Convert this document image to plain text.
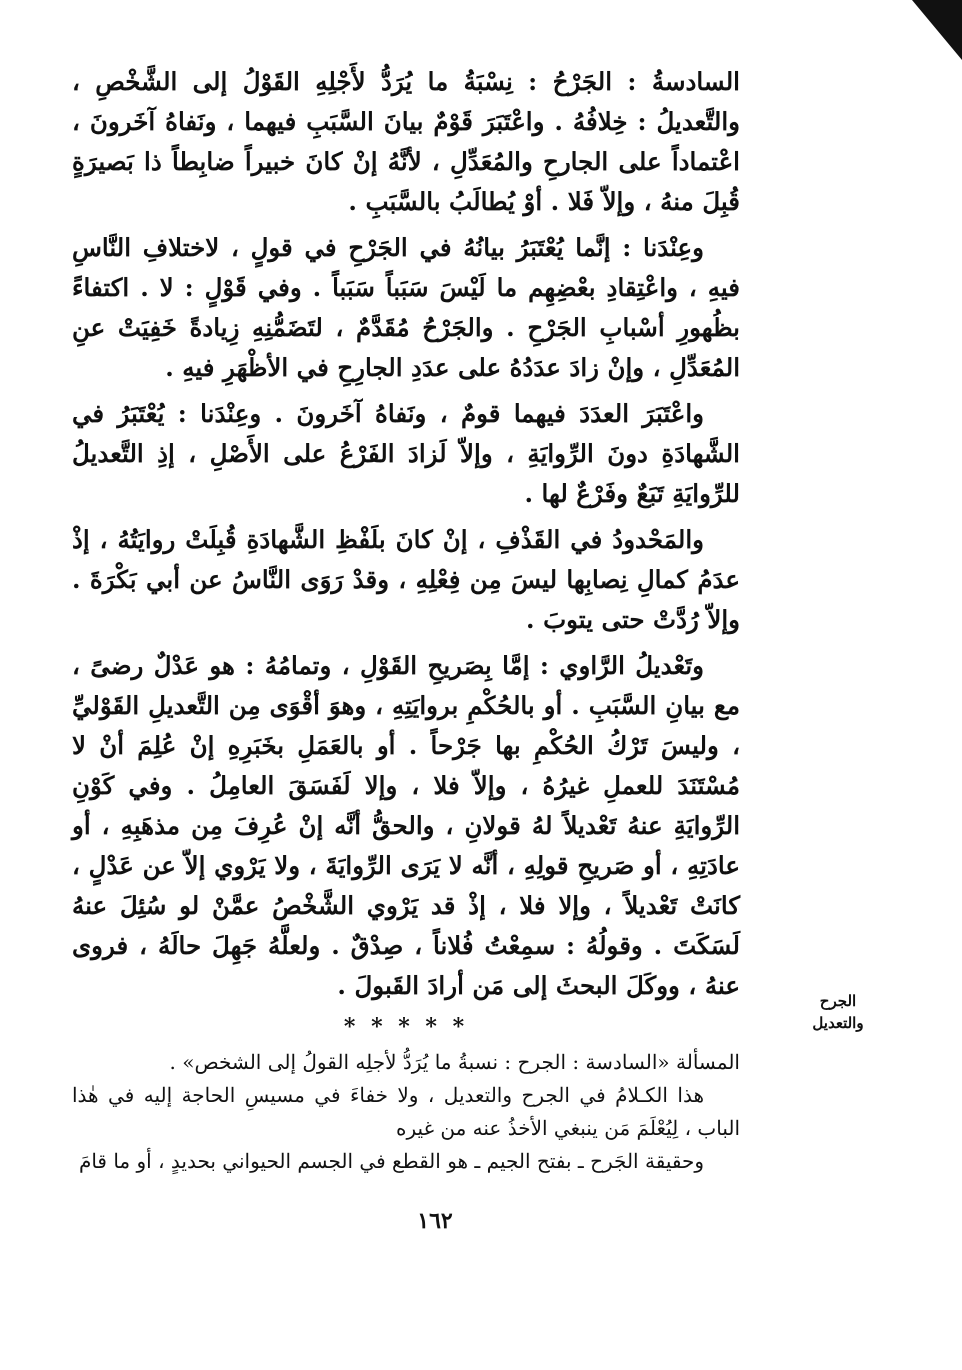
السادسةُ : الجَرْحُ : نِسْبَةُ ما يُرَدُّ لأَجْلِهِ القَوْلُ إلى الشَّخْصِ ، والتَّعديلُ : خِلافُهُ . واعْتَبَرَ قَوْمٌ بيانَ السَّبَبِ فيهما ، ونَفاهُ آخَرونَ ، اعْتماداً على الجارحِ والمُعَدِّلِ ، لأنَّهُ إنْ كانَ خبيراً ضابِطاً ذا بَصيرَةٍ قُبِلَ منهُ ، وإلاّ فَلا . أوْ يُطالَبُ بالسَّبَبِ .

وعِنْدَنا : إنَّما يُعْتَبَرُ بيانُهُ في الجَرْحِ في قولٍ ، لاختلافِ النَّاسِ فيهِ ، واعْتِقادِ بعْضِهِم ما لَيْسَ سَبَباً سَبَباً . وفي قَوْلٍ : لا . اكتفاءً بظُهورِ أسْبابِ الجَرْحِ . والجَرْحُ مُقَدَّمٌ ، لتَضَمُّنِهِ زِيادةً خَفِيَتْ عنِ المُعَدِّلِ ، وإنْ زادَ عدَدُهُ على عدَدِ الجارِحِ في الأظْهَرِ فيهِ .

واعْتَبَرَ العدَدَ فيهما قومٌ ، ونَفاهُ آخَرونَ . وعِنْدَنا : يُعْتَبَرُ في الشَّهادَةِ دونَ الرِّوايَةِ ، وإلاّ لَزادَ الفَرْعُ على الأَصْلِ ، إذِ التَّعديلُ للرِّوايَةِ تَبَعٌ وفَرْعٌ لها .

والمَحْدودُ في القَذْفِ ، إنْ كانَ بلَفْظِ الشَّهادَةِ قُبِلَتْ روايَتُهُ ، إذْ عدَمُ كمالِ نِصابِها ليسَ مِن فِعْلِهِ ، وقدْ رَوَى النَّاسُ عن أبي بَكْرَةَ . وإلاّ رُدَّتْ حتى يتوبَ .

وتَعْديلُ الرَّاوي : إمَّا بِصَريحِ القَوْلِ ، وتمامُهُ : هو عَدْلٌ رضىً ، مع بيانِ السَّبَبِ . أو بالحُكْمِ بروايَتِهِ ، وهوَ أقْوَى مِن التَّعديلِ القَوْليِّ ، وليسَ تَرْكُ الحُكْمِ بها جَرْحاً . أو بالعَمَلِ بخَبَرِهِ إنْ عُلِمَ أنْ لا مُسْتَنَدَ للعملِ غيرُهُ ، وإلاّ فلا ، وإلا لَفَسَقَ العامِلُ . وفي كَوْنِ الرِّوايَةِ عنهُ تَعْديلاً لهُ قولانِ ، والحقُّ أنَّه إنْ عُرِفَ مِن مذهَبِهِ ، أو عادَتِهِ ، أو صَريحِ قولِهِ ، أنَّه لا يَرَى الرِّوايَةَ ، ولا يَرْوي إلاّ عن عَدْلٍ ، كانَتْ تَعْديلاً ، وإلا فلا ، إذْ قد يَرْوي الشَّخْصُ عمَّنْ لو سُئِلَ عنهُ لَسَكَتَ . وقولُهُ : سمِعْتُ فُلاناً ، صِدْقٌ . ولعلَّهُ جَهِلَ حالَهُ ، فروى عنهُ ، ووكَلَ البحثَ إلى مَن أرادَ القَبولَ .

* * * * *

المسألة «السادسة : الجرح : نسبةُ ما يُرَدُّ لأجلِه القولُ إلى الشخص» .

هذا الكـلامُ في الجرح والتعديل ، ولا خفاءَ في مسيسِ الحاجة إليه في هٰذا الباب ، لِيُعْلَمَ مَن ينبغي الأخذُ عنه من غيره

وحقيقة الجَرح ـ بفتح الجيم ـ هو القطع في الجسم الحيواني بحديدٍ ، أو ما قامَ

الجرح
والتعديل
١٦٢
